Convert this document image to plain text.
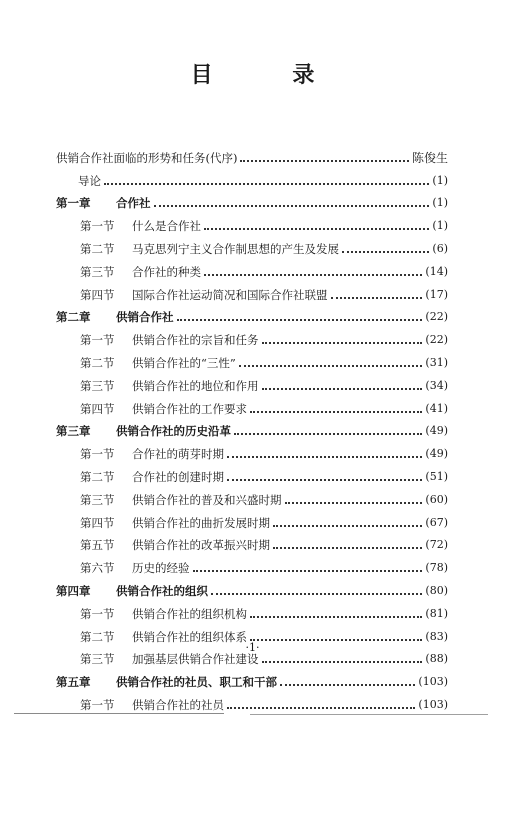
目 录
供销合作社面临的形势和任务(代序)	陈俊生
导论	(1)
第一章	合作社	(1)
第一节	什么是合作社	(1)
第二节	马克思列宁主义合作制思想的产生及发展	(6)
第三节	合作社的种类	(14)
第四节	国际合作社运动简况和国际合作社联盟	(17)
第二章	供销合作社	(22)
第一节	供销合作社的宗旨和任务	(22)
第二节	供销合作社的“三性”	(31)
第三节	供销合作社的地位和作用	(34)
第四节	供销合作社的工作要求	(41)
第三章	供销合作社的历史沿革	(49)
第一节	合作社的萌芽时期	(49)
第二节	合作社的创建时期	(51)
第三节	供销合作社的普及和兴盛时期	(60)
第四节	供销合作社的曲折发展时期	(67)
第五节	供销合作社的改革振兴时期	(72)
第六节	历史的经验	(78)
第四章	供销合作社的组织	(80)
第一节	供销合作社的组织机构	(81)
第二节	供销合作社的组织体系	(83)
第三节	加强基层供销合作社建设	(88)
第五章	供销合作社的社员、职工和干部	(103)
第一节	供销合作社的社员	(103)
·1·
